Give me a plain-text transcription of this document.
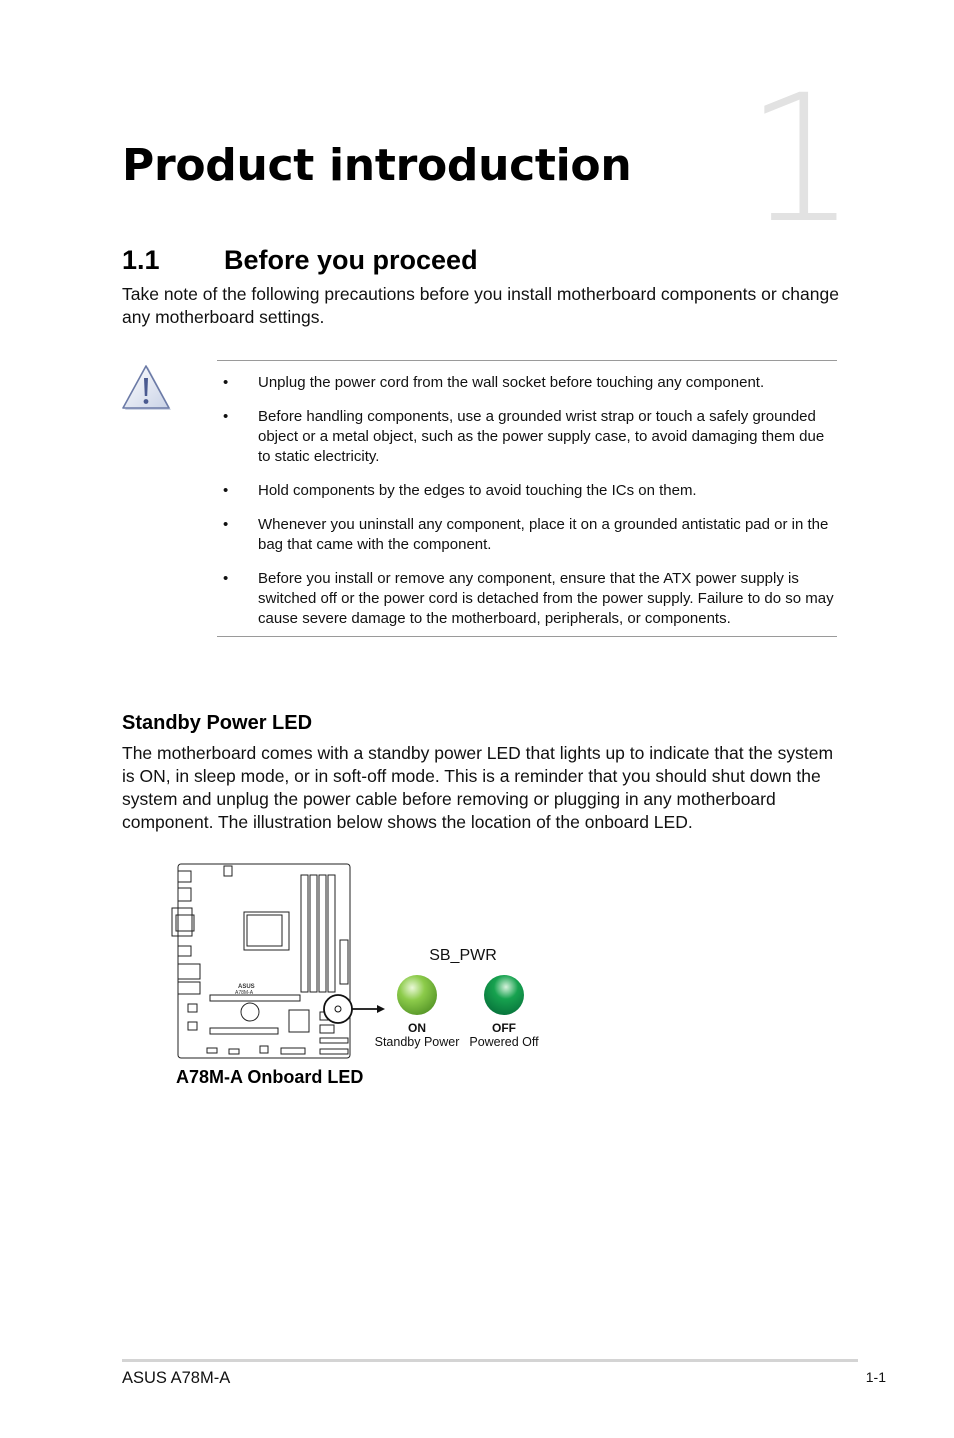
1
Product introduction
1.1 Before you proceed
Take note of the following precautions before you install motherboard components or change any motherboard settings.
• Unplug the power cord from the wall socket before touching any component.
• Before handling components, use a grounded wrist strap or touch a safely grounded object or a metal object, such as the power supply case, to avoid damaging them due to static electricity.
• Hold components by the edges to avoid touching the ICs on them.
• Whenever you uninstall any component, place it on a grounded antistatic pad or in the bag that came with the component.
• Before you install or remove any component, ensure that the ATX power supply is switched off or the power cord is detached from the power supply. Failure to do so may cause severe damage to the motherboard, peripherals, or components.
Standby Power LED
The motherboard comes with a standby power LED that lights up to indicate that the system is ON, in sleep mode, or in soft-off mode. This is a reminder that you should shut down the system and unplug the power cable before removing or plugging in any motherboard component. The illustration below shows the location of the onboard LED.
ASUS
A78M-A
SB_PWR
ON
Standby Power
OFF
Powered Off
A78M-A Onboard LED
ASUS A78M-A	1-1
